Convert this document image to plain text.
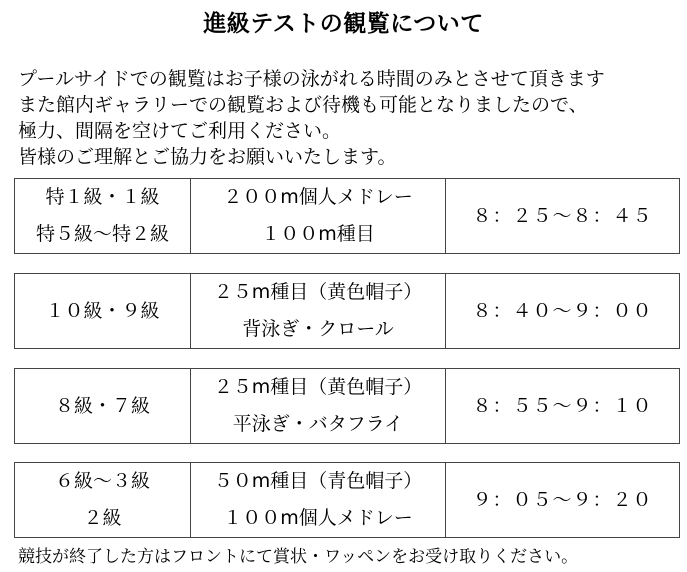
進級テストの観覧について
プールサイドでの観覧はお子様の泳がれる時間のみとさせて頂きます
また館内ギャラリーでの観覧および待機も可能となりましたので、
極力、間隔を空けてご利用ください。
皆様のご理解とご協力をお願いいたします。
特１級・１級
特５級～特２級

２００m個人メドレー
１００m種目
	８：２５～８：４５
１０級・９級

２５m種目（黄色帽子）
背泳ぎ・クロール
	８：４０～９：００
８級・７級

２５m種目（黄色帽子）
平泳ぎ・バタフライ
	８：５５～９：１０
６級～３級
２級

５０m種目（青色帽子）
１００m個人メドレー
	９：０５～９：２０
競技が終了した方はフロントにて賞状・ワッペンをお受け取りください。
